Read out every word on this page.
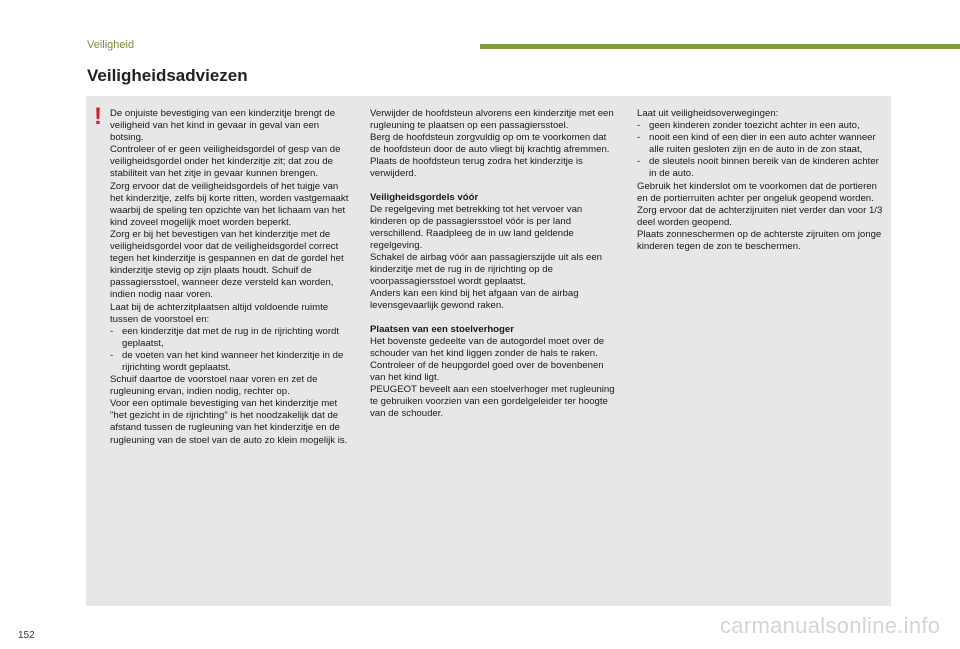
Veiligheid
Veiligheidsadviezen
! De onjuiste bevestiging van een kinderzitje brengt de veiligheid van het kind in gevaar in geval van een botsing.

Controleer of er geen veiligheidsgordel of gesp van de veiligheidsgordel onder het kinderzitje zit; dat zou de stabiliteit van het zitje in gevaar kunnen brengen.

Zorg ervoor dat de veiligheidsgordels of het tuigje van het kinderzitje, zelfs bij korte ritten, worden vastgemaakt waarbij de speling ten opzichte van het lichaam van het kind zoveel mogelijk moet worden beperkt.

Zorg er bij het bevestigen van het kinderzitje met de veiligheidsgordel voor dat de veiligheidsgordel correct tegen het kinderzitje is gespannen en dat de gordel het kinderzitje stevig op zijn plaats houdt. Schuif de passagiersstoel, wanneer deze versteld kan worden, indien nodig naar voren.

Laat bij de achterzitplaatsen altijd voldoende ruimte tussen de voorstoel en:

- een kinderzitje dat met de rug in de rijrichting wordt geplaatst,
- de voeten van het kind wanneer het kinderzitje in de rijrichting wordt geplaatst.

Schuif daartoe de voorstoel naar voren en zet de rugleuning ervan, indien nodig, rechter op.

Voor een optimale bevestiging van het kinderzitje met "het gezicht in de rijrichting" is het noodzakelijk dat de afstand tussen de rugleuning van het kinderzitje en de rugleuning van de stoel van de auto zo klein mogelijk is.

Verwijder de hoofdsteun alvorens een kinderzitje met een rugleuning te plaatsen op een passagiersstoel.

Berg de hoofdsteun zorgvuldig op om te voorkomen dat de hoofdsteun door de auto vliegt bij krachtig afremmen. Plaats de hoofdsteun terug zodra het kinderzitje is verwijderd.

Veiligheidsgordels vóór

De regelgeving met betrekking tot het vervoer van kinderen op de passagiersstoel vóór is per land verschillend. Raadpleeg de in uw land geldende regelgeving.

Schakel de airbag vóór aan passagierszijde uit als een kinderzitje met de rug in de rijrichting op de voorpassagiersstoel wordt geplaatst.

Anders kan een kind bij het afgaan van de airbag levensgevaarlijk gewond raken.

Plaatsen van een stoelverhoger

Het bovenste gedeelte van de autogordel moet over de schouder van het kind liggen zonder de hals te raken.

Controleer of de heupgordel goed over de bovenbenen van het kind ligt.

PEUGEOT beveelt aan een stoelverhoger met rugleuning te gebruiken voorzien van een gordelgeleider ter hoogte van de schouder.

Laat uit veiligheidsoverwegingen:

- geen kinderen zonder toezicht achter in een auto,
- nooit een kind of een dier in een auto achter wanneer alle ruiten gesloten zijn en de auto in de zon staat,
- de sleutels nooit binnen bereik van de kinderen achter in de auto.

Gebruik het kinderslot om te voorkomen dat de portieren en de portierruiten achter per ongeluk geopend worden.

Zorg ervoor dat de achterzijruiten niet verder dan voor 1/3 deel worden geopend.

Plaats zonneschermen op de achterste zijruiten om jonge kinderen tegen de zon te beschermen.

152	carmanualsonline.info
